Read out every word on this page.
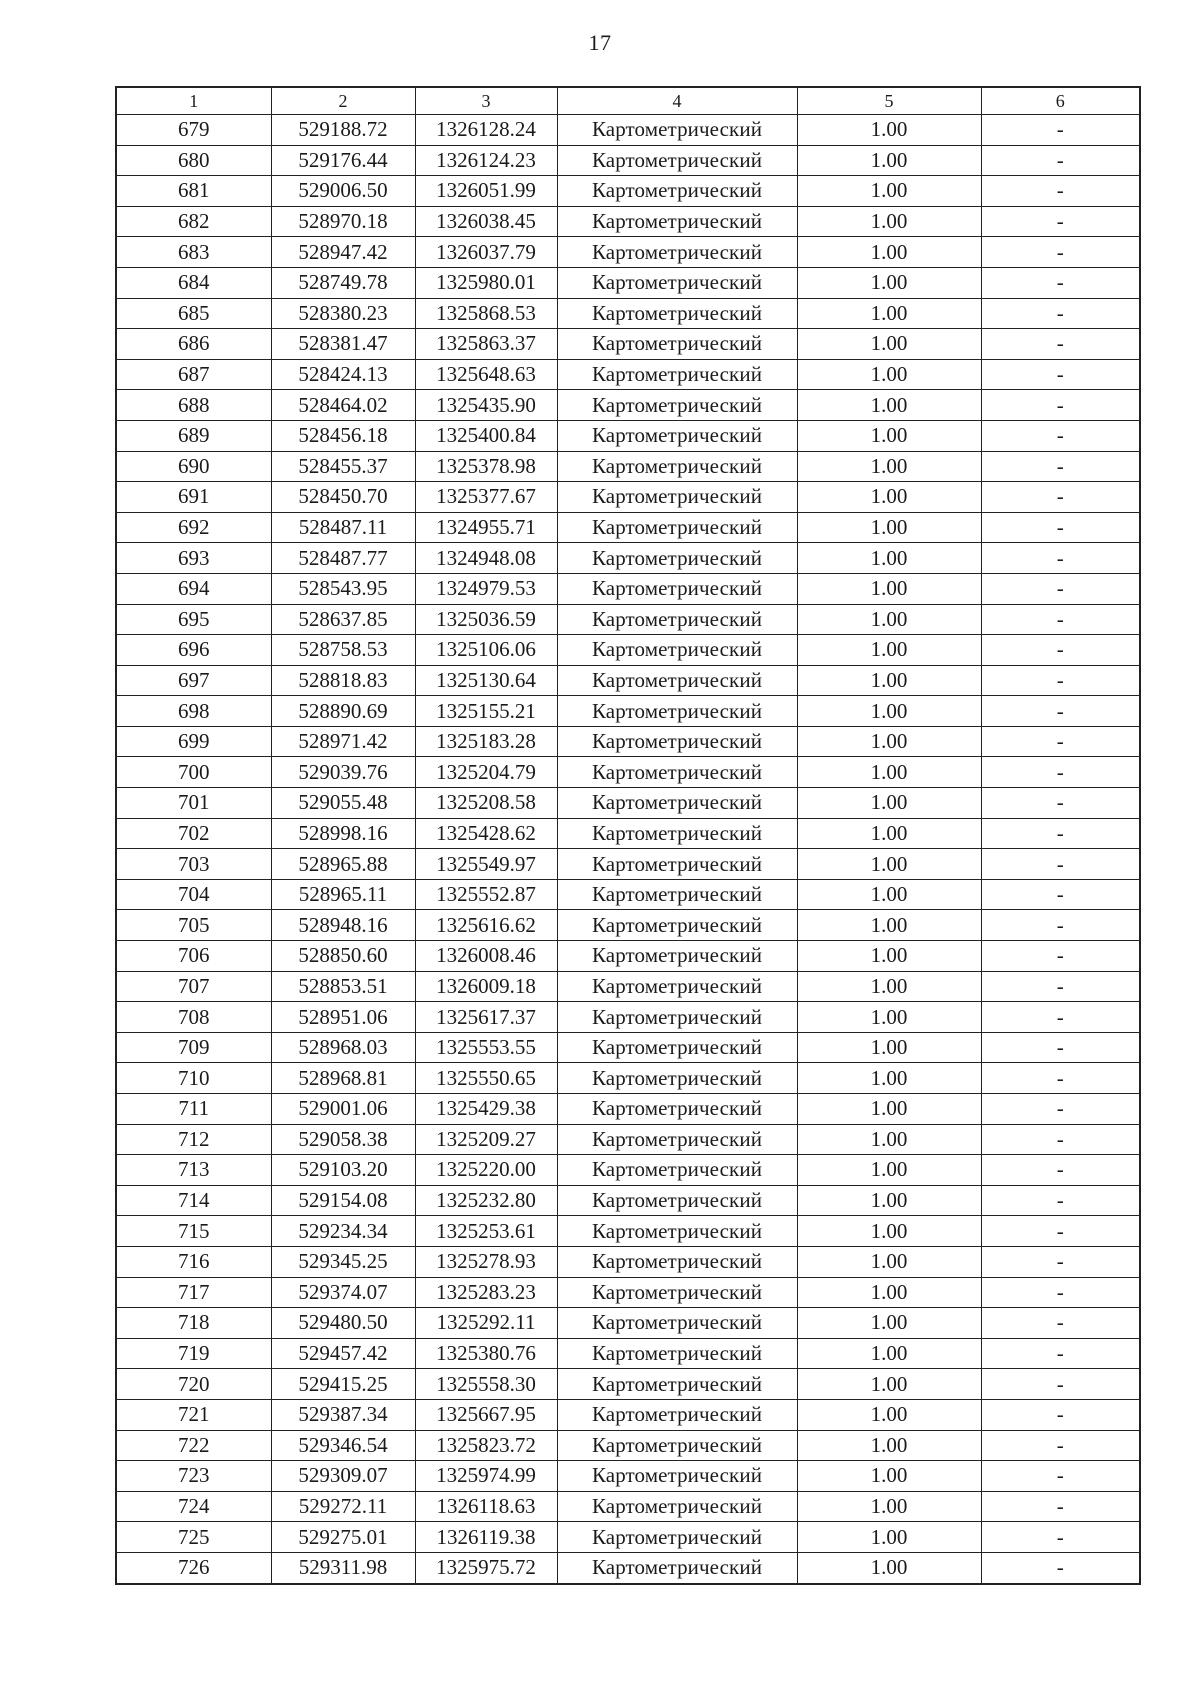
17
1	2	3	4	5	6
679	529188.72	1326128.24	Картометрический	1.00	-
680	529176.44	1326124.23	Картометрический	1.00	-
681	529006.50	1326051.99	Картометрический	1.00	-
682	528970.18	1326038.45	Картометрический	1.00	-
683	528947.42	1326037.79	Картометрический	1.00	-
684	528749.78	1325980.01	Картометрический	1.00	-
685	528380.23	1325868.53	Картометрический	1.00	-
686	528381.47	1325863.37	Картометрический	1.00	-
687	528424.13	1325648.63	Картометрический	1.00	-
688	528464.02	1325435.90	Картометрический	1.00	-
689	528456.18	1325400.84	Картометрический	1.00	-
690	528455.37	1325378.98	Картометрический	1.00	-
691	528450.70	1325377.67	Картометрический	1.00	-
692	528487.11	1324955.71	Картометрический	1.00	-
693	528487.77	1324948.08	Картометрический	1.00	-
694	528543.95	1324979.53	Картометрический	1.00	-
695	528637.85	1325036.59	Картометрический	1.00	-
696	528758.53	1325106.06	Картометрический	1.00	-
697	528818.83	1325130.64	Картометрический	1.00	-
698	528890.69	1325155.21	Картометрический	1.00	-
699	528971.42	1325183.28	Картометрический	1.00	-
700	529039.76	1325204.79	Картометрический	1.00	-
701	529055.48	1325208.58	Картометрический	1.00	-
702	528998.16	1325428.62	Картометрический	1.00	-
703	528965.88	1325549.97	Картометрический	1.00	-
704	528965.11	1325552.87	Картометрический	1.00	-
705	528948.16	1325616.62	Картометрический	1.00	-
706	528850.60	1326008.46	Картометрический	1.00	-
707	528853.51	1326009.18	Картометрический	1.00	-
708	528951.06	1325617.37	Картометрический	1.00	-
709	528968.03	1325553.55	Картометрический	1.00	-
710	528968.81	1325550.65	Картометрический	1.00	-
711	529001.06	1325429.38	Картометрический	1.00	-
712	529058.38	1325209.27	Картометрический	1.00	-
713	529103.20	1325220.00	Картометрический	1.00	-
714	529154.08	1325232.80	Картометрический	1.00	-
715	529234.34	1325253.61	Картометрический	1.00	-
716	529345.25	1325278.93	Картометрический	1.00	-
717	529374.07	1325283.23	Картометрический	1.00	-
718	529480.50	1325292.11	Картометрический	1.00	-
719	529457.42	1325380.76	Картометрический	1.00	-
720	529415.25	1325558.30	Картометрический	1.00	-
721	529387.34	1325667.95	Картометрический	1.00	-
722	529346.54	1325823.72	Картометрический	1.00	-
723	529309.07	1325974.99	Картометрический	1.00	-
724	529272.11	1326118.63	Картометрический	1.00	-
725	529275.01	1326119.38	Картометрический	1.00	-
726	529311.98	1325975.72	Картометрический	1.00	-
